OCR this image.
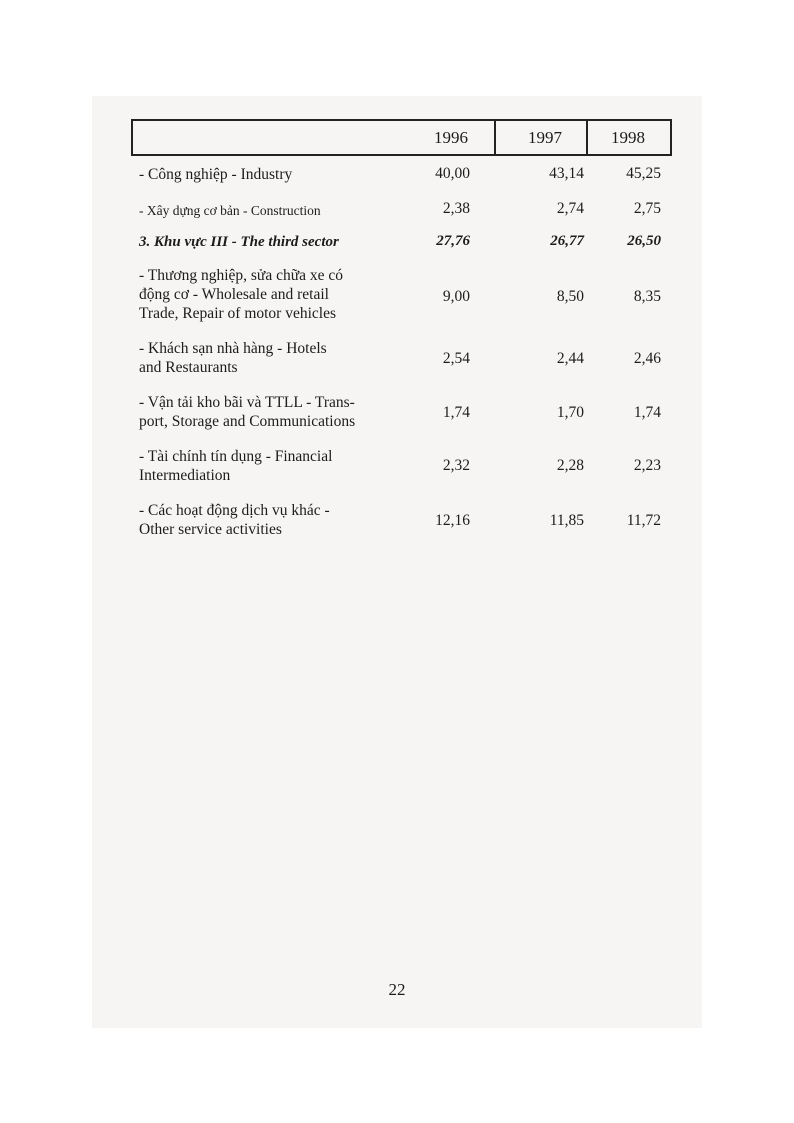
1996	1997	1998
- Công nghiệp - Industry	40,00	43,14	45,25
- Xây dựng cơ bản - Construction	2,38	2,74	2,75
3. Khu vực III - The third sector	27,76	26,77	26,50
- Thương nghiệp, sửa chữa xe có
động cơ - Wholesale and retail
Trade, Repair of motor vehicles
9,00	8,50	8,35
- Khách sạn nhà hàng - Hotels
and Restaurants
2,54	2,44	2,46
- Vận tải kho bãi và TTLL - Trans-
port, Storage and Communications
1,74	1,70	1,74
- Tài chính tín dụng - Financial
Intermediation
2,32	2,28	2,23
- Các hoạt động dịch vụ khác -
Other service activities
12,16	11,85	11,72
22
